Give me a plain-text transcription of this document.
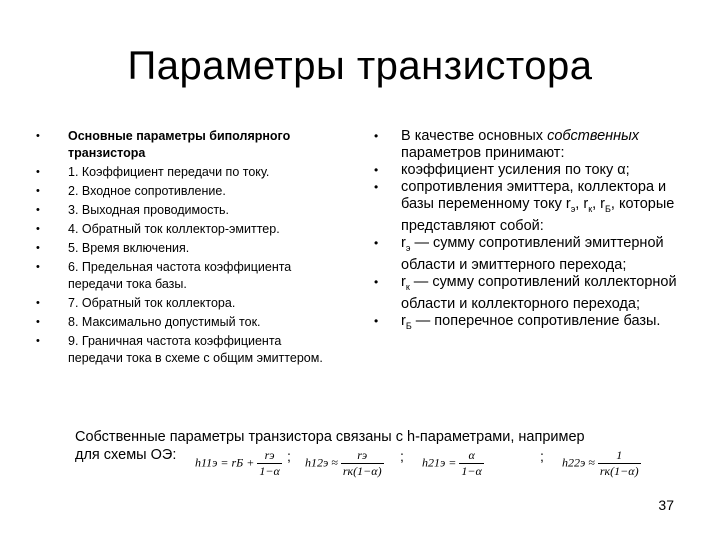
Параметры транзистора
• Основные параметры биполярного транзистора
• 1. Коэффициент передачи по току.
• 2. Входное сопротивление.
• 3. Выходная проводимость.
• 4. Обратный ток коллектор-эмиттер.
• 5. Время включения.
• 6. Предельная частота коэффициента передачи тока базы.
• 7. Обратный ток коллектора.
• 8. Максимально допустимый ток.
• 9. Граничная частота коэффициента передачи тока в схеме с общим эмиттером.
• В качестве основных собственных параметров принимают:
• коэффициент усиления по току α;
• сопротивления эмиттера, коллектора и базы переменному току $r_э$, $r_к$, $r_Б$, которые представляют собой:
• $r_э$ — сумму сопротивлений эмиттерной области и эмиттерного перехода;
• $r_к$ — сумму сопротивлений коллекторной области и коллекторного перехода;
• $r_Б$ — поперечное сопротивление базы.
Собственные параметры транзистора связаны с h-параметрами, например
для схемы ОЭ:	h11э = rБ + $\frac{rэ}{1-\alpha}$ ; $h12э \approx \frac{rэ}{rк(1-\alpha)}$ ; $h21э = \frac{\alpha}{1-\alpha}$	; $h22э \approx \frac{1}{rк(1-\alpha)}$
37
